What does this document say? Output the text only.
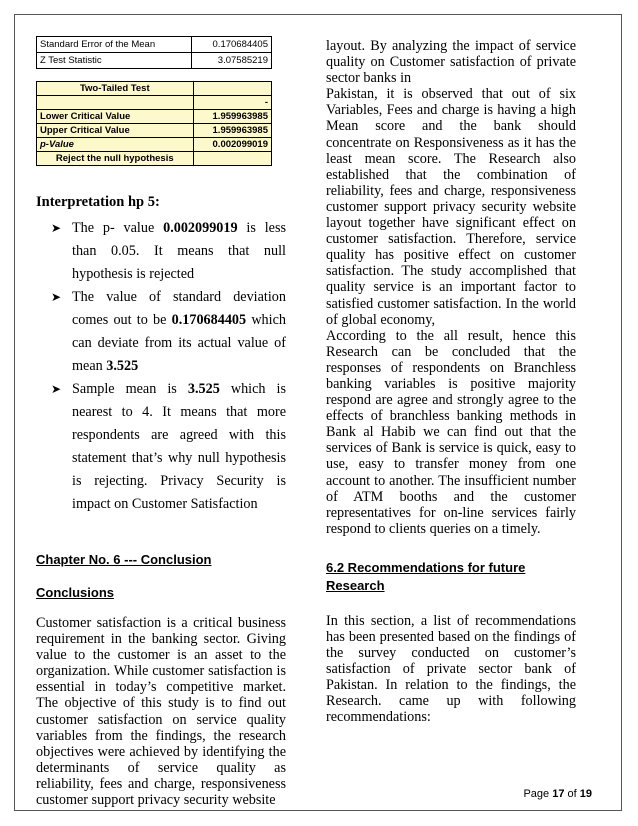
Standard Error of the Mean	0.170684405
Z Test Statistic	3.07585219
Two-Tailed Test	
	-
Lower Critical Value	1.959963985
Upper Critical Value	1.959963985
p-Value	0.002099019
Reject the null hypothesis	
Interpretation hp 5:
➤ The p- value 0.002099019 is less than 0.05. It means that null hypothesis is rejected
➤ The value of standard deviation comes out to be 0.170684405 which can deviate from its actual value of mean 3.525
➤ Sample mean is 3.525 which is nearest to 4. It means that more respondents are agreed with this statement that’s why null hypothesis is rejecting. Privacy Security is impact on Customer Satisfaction
Chapter No. 6 --- Conclusion
Conclusions
Customer satisfaction is a critical business requirement in the banking sector. Giving value to the customer is an asset to the organization. While customer satisfaction is essential in today’s competitive market. The objective of this study is to find out customer satisfaction on service quality variables from the findings, the research objectives were achieved by identifying the determinants of service quality as reliability, fees and charge, responsiveness customer support privacy security website
layout. By analyzing the impact of service quality on Customer satisfaction of private sector banks in
Pakistan, it is observed that out of six Variables, Fees and charge is having a high Mean score and the bank should concentrate on Responsiveness as it has the least mean score. The Research also established that the combination of reliability, fees and charge, responsiveness customer support privacy security website layout together have significant effect on customer satisfaction. Therefore, service quality has positive effect on customer satisfaction. The study accomplished that quality service is an important factor to satisfied customer satisfaction. In the world of global economy,
According to the all result, hence this Research can be concluded that the responses of respondents on Branchless banking variables is positive majority respond are agree and strongly agree to the effects of branchless banking methods in Bank al Habib we can find out that the services of Bank is service is quick, easy to use, easy to transfer money from one account to another. The insufficient number of ATM booths and the customer representatives for on-line services fairly respond to clients queries on a timely.
6.2 Recommendations for future Research
In this section, a list of recommendations has been presented based on the findings of the survey conducted on customer’s satisfaction of private sector bank of Pakistan. In relation to the findings, the Research. came up with following recommendations:
Page 17 of 19
